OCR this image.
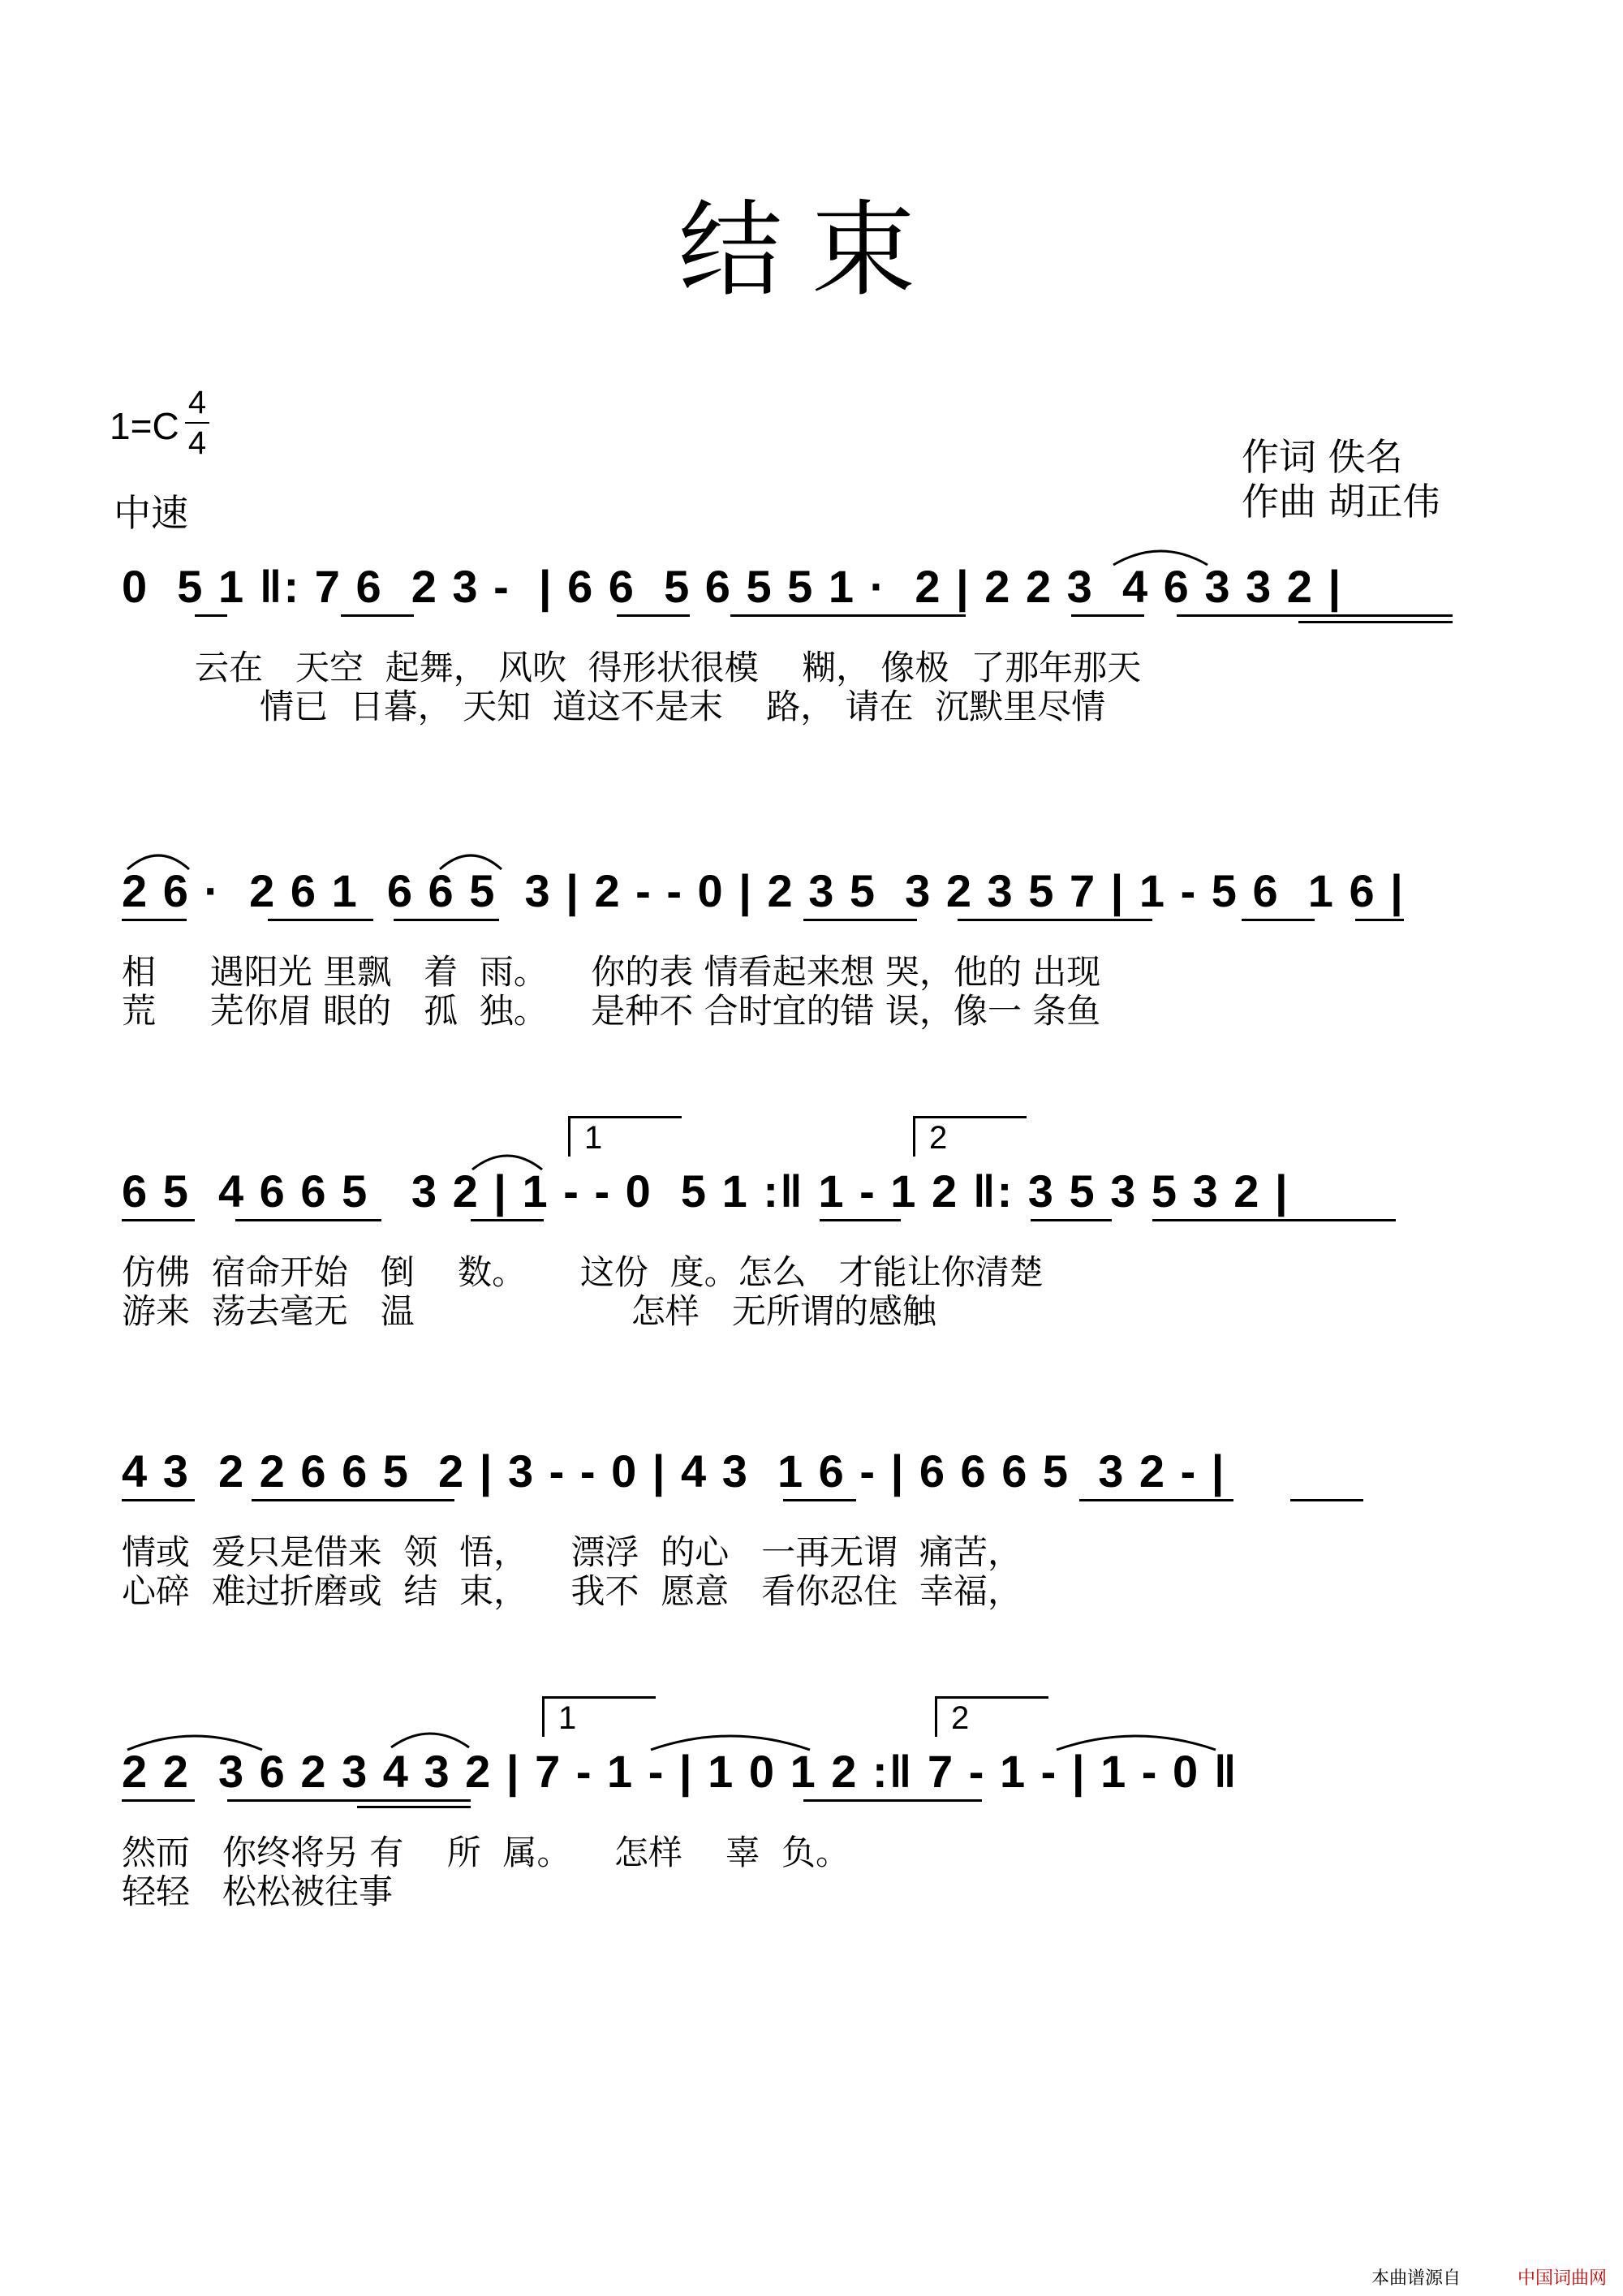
结束
1=C
4
4
中速
作词 佚名
作曲 胡正伟
0  5 1 ‖: 7 6  2 3 -  | 6 6  5 6 5 5 1 ·  2 | 2 2 3  4 6 3 3 2 |
云在   天空  起舞， 风吹  得形状很模    糊， 像极  了那年那天
情已  日暮， 天知  道这不是末    路， 请在  沉默里尽情
2 6 ·  2 6 1  6 6 5  3 | 2 - - 0 | 2 3 5  3 2 3 5 7 | 1 - 5 6  1 6 |
相     遇阳光 里飘   着  雨。    你的表 情看起来想 哭，他的 出现
荒     芜你眉 眼的   孤  独。    是种不 合时宜的错 误，像一 条鱼
1	2
6 5  4 6 6 5   3 2 | 1 - - 0  5 1 :‖ 1 - 1 2 ‖: 3 5 3 5 3 2 |
仿佛  宿命开始   倒    数。     这份  度。怎么   才能让你清楚
游来  荡去毫无   温                    怎样   无所谓的感触
4 3  2 2 6 6 5  2 | 3 - - 0 | 4 3  1 6 - | 6 6 6 5  3 2 - |
情或  爱只是借来  领  悟，    漂浮  的心   一再无谓  痛苦，
心碎  难过折磨或  结  束，    我不  愿意   看你忍住  幸福，
1	2
2 2  3 6 2 3 4 3 2 | 7 - 1 - | 1 0 1 2 :‖ 7 - 1 - | 1 - 0 ‖
然而   你终将另 有    所  属。    怎样    辜  负。
轻轻   松松被往事
本曲谱源自	中国词曲网
